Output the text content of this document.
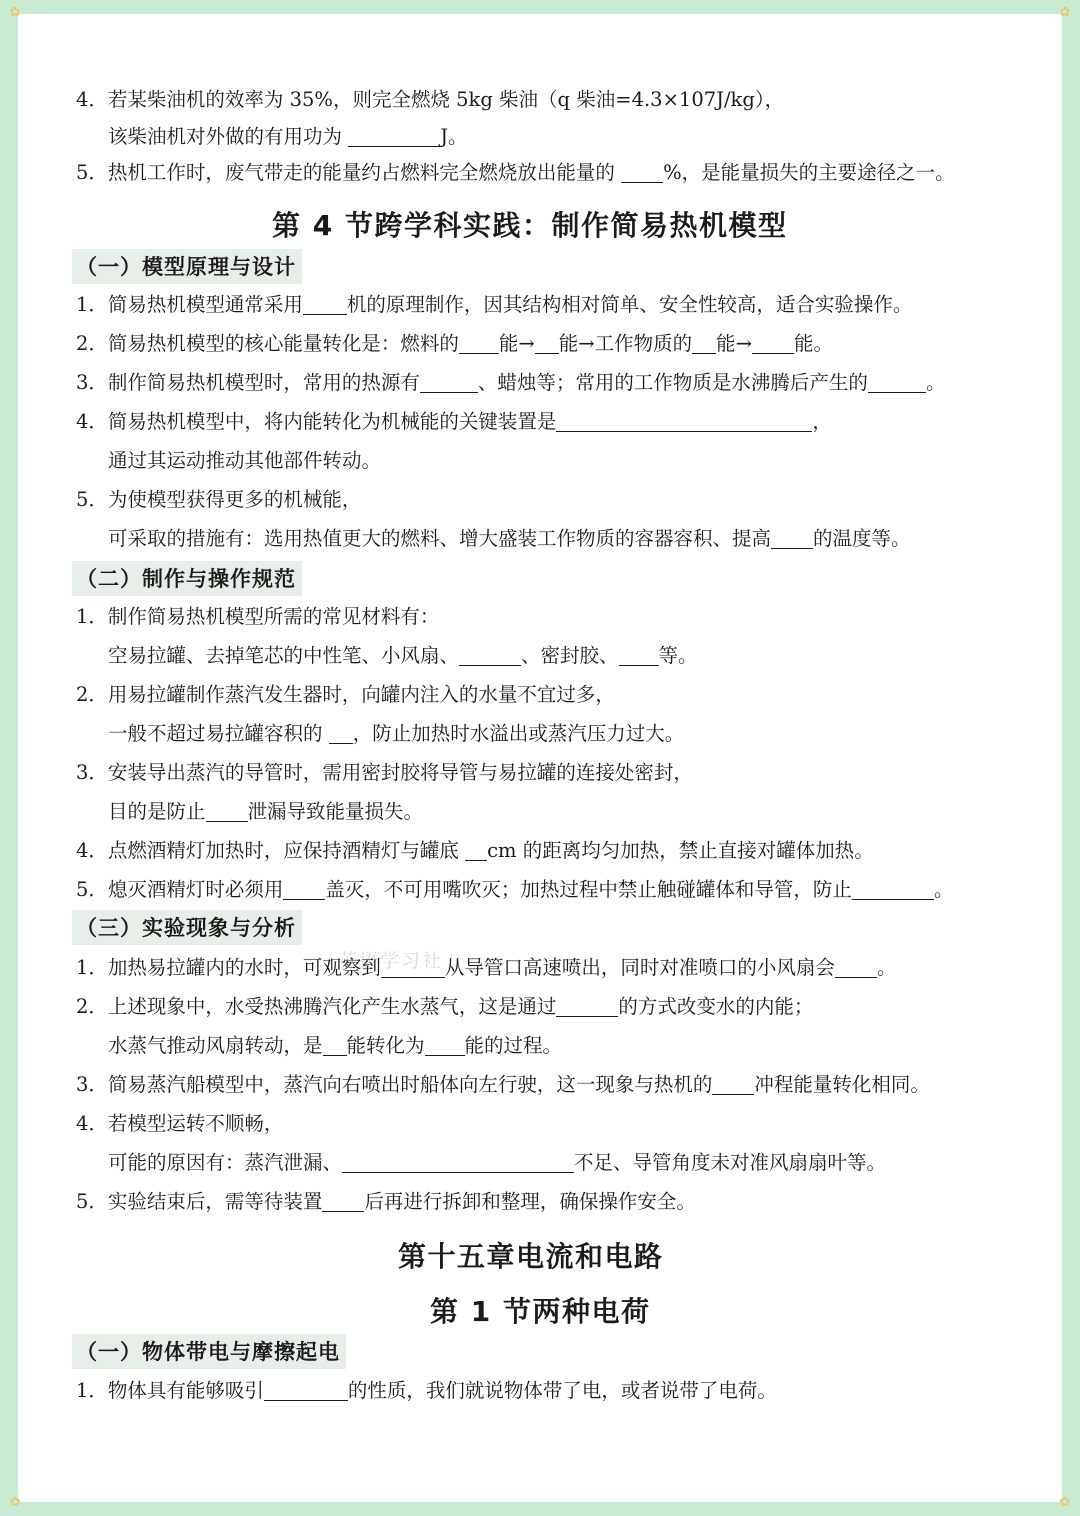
✿	✿
✿	✿
4．若某柴油机的效率为 35%，则完全燃烧 5kg 柴油（q 柴油=4.3×107J/kg），
该柴油机对外做的有用功为	J。
5．热机工作时，废气带走的能量约占燃料完全燃烧放出能量的 %，是能量损失的主要途径之一。
第 4 节跨学科实践：制作简易热机模型
（一）模型原理与设计
1．简易热机模型通常采用 机的原理制作，因其结构相对简单、安全性较高，适合实验操作。
2．简易热机模型的核心能量转化是：燃料的 能→ 能→工作物质的 能→ 能。
3．制作简易热机模型时，常用的热源有	、蜡烛等；常用的工作物质是水沸腾后产生的	。
4．简易热机模型中，将内能转化为机械能的关键装置是	，
通过其运动推动其他部件转动。
5．为使模型获得更多的机械能，
可采取的措施有：选用热值更大的燃料、增大盛装工作物质的容器容积、提高 的温度等。
（二）制作与操作规范
1．制作简易热机模型所需的常见材料有：
空易拉罐、去掉笔芯的中性笔、小风扇、	、密封胶、 等。
2．用易拉罐制作蒸汽发生器时，向罐内注入的水量不宜过多，
一般不超过易拉罐容积的 ，防止加热时水溢出或蒸汽压力过大。
3．安装导出蒸汽的导管时，需用密封胶将导管与易拉罐的连接处密封，
目的是防止 泄漏导致能量损失。
4．点燃酒精灯加热时，应保持酒精灯与罐底 cm 的距离均匀加热，禁止直接对罐体加热。
5．熄灭酒精灯时必须用 盖灭，不可用嘴吹灭；加热过程中禁止触碰罐体和导管，防止	。
（三）实验现象与分析
英语学习社
1．加热易拉罐内的水时，可观察到	从导管口高速喷出，同时对准喷口的小风扇会 。
2．上述现象中，水受热沸腾汽化产生水蒸气，这是通过	的方式改变水的内能；
水蒸气推动风扇转动，是 能转化为 能的过程。
3．简易蒸汽船模型中，蒸汽向右喷出时船体向左行驶，这一现象与热机的 冲程能量转化相同。
4．若模型运转不顺畅，
可能的原因有：蒸汽泄漏、	不足、导管角度未对准风扇扇叶等。
5．实验结束后，需等待装置 后再进行拆卸和整理，确保操作安全。
第十五章电流和电路
第 1 节两种电荷
（一）物体带电与摩擦起电
1．物体具有能够吸引	的性质，我们就说物体带了电，或者说带了电荷。
